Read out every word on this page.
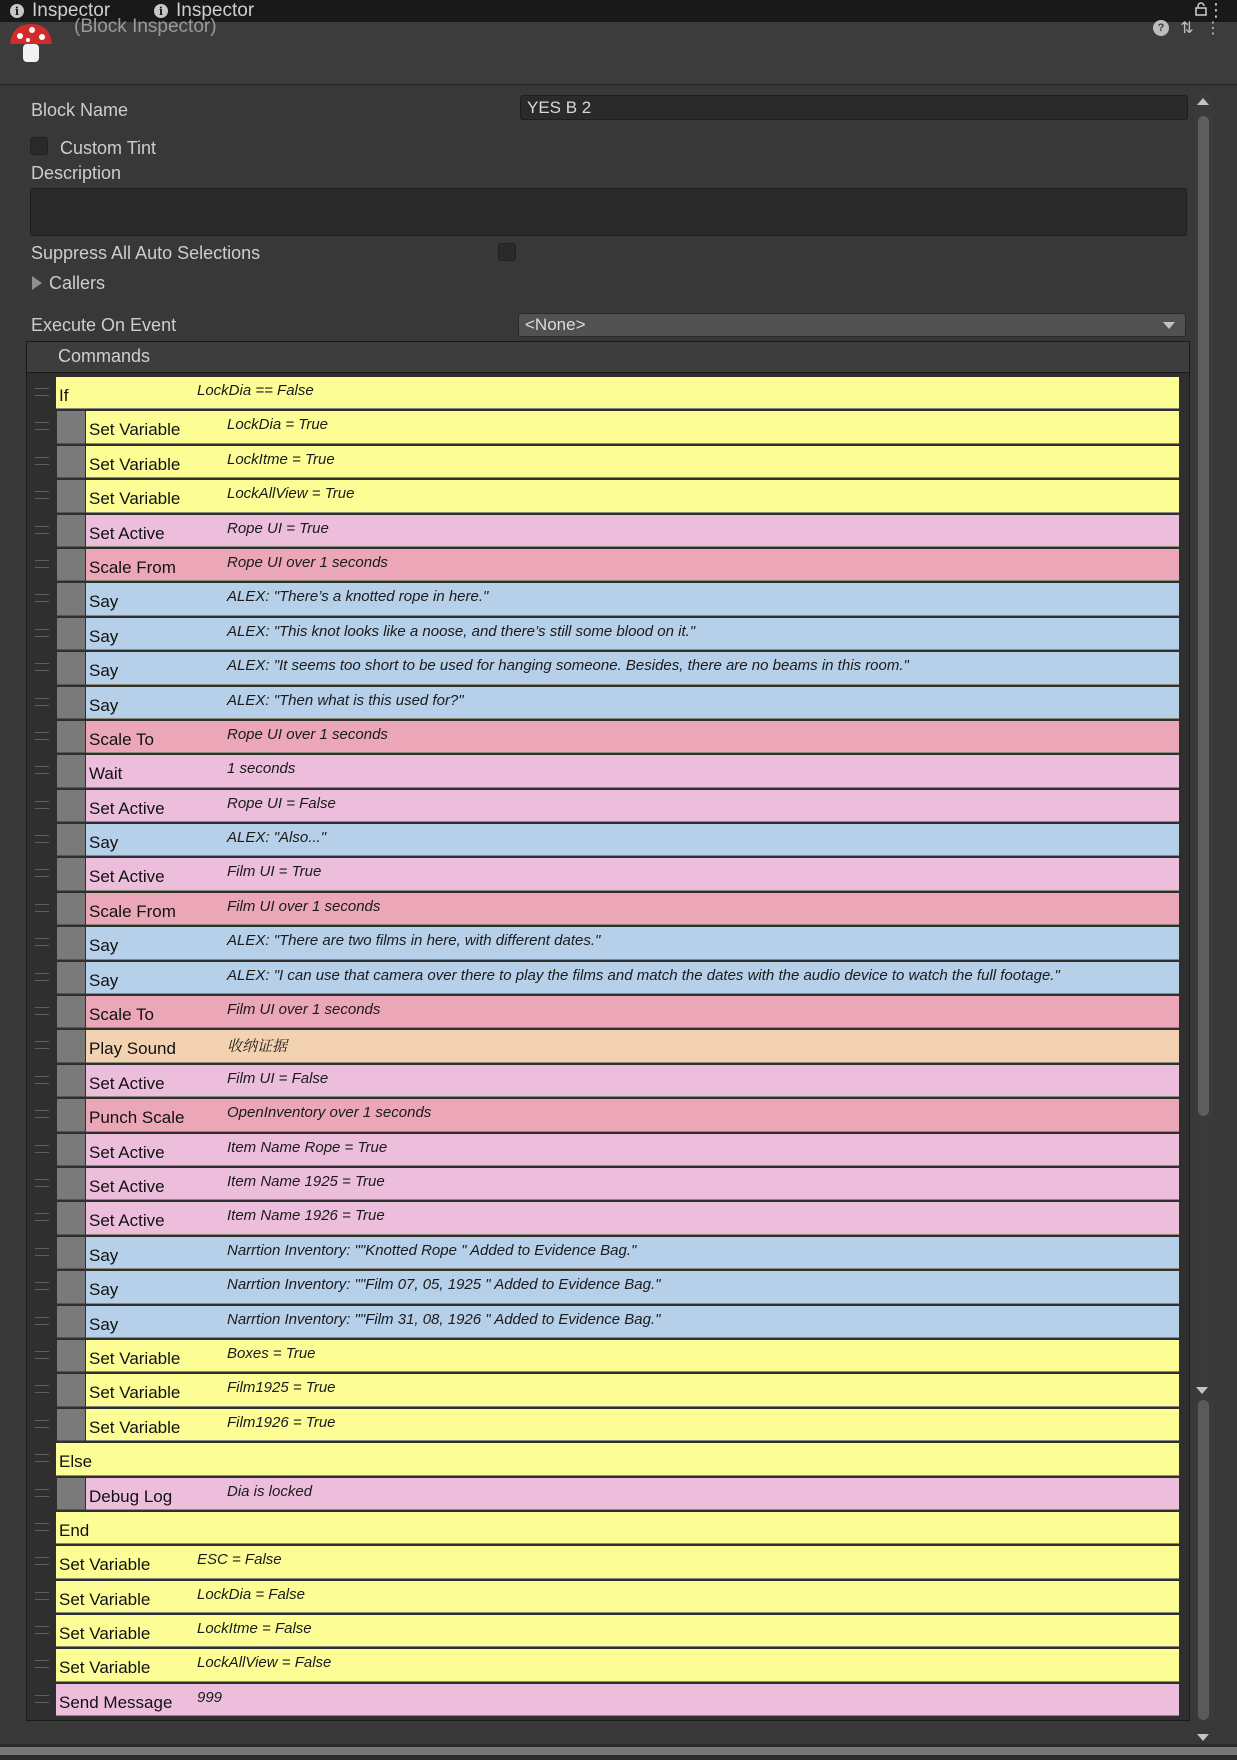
i Inspector	i Inspector	⋮
(Block Inspector)	? ⇅ ⋮
Block Name	YES B 2
Custom Tint
Description
Suppress All Auto Selections
Callers
Execute On Event	<None>
Commands
If	LockDia == False
Set Variable	LockDia = True
Set Variable	LockItme = True
Set Variable	LockAllView = True
Set Active	Rope UI = True
Scale From	Rope UI over 1 seconds
Say	ALEX: "There’s a knotted rope in here."
Say	ALEX: "This knot looks like a noose, and there’s still some blood on it."
Say	ALEX: "It seems too short to be used for hanging someone. Besides, there are no beams in this room."
Say	ALEX: "Then what is this used for?"
Scale To	Rope UI over 1 seconds
Wait	1 seconds
Set Active	Rope UI = False
Say	ALEX: "Also..."
Set Active	Film UI = True
Scale From	Film UI over 1 seconds
Say	ALEX: "There are two films in here, with different dates."
Say	ALEX: "I can use that camera over there to play the films and match the dates with the audio device to watch the full footage."
Scale To	Film UI over 1 seconds
Play Sound	收纳证据
Set Active	Film UI = False
Punch Scale	OpenInventory over 1 seconds
Set Active	Item Name Rope = True
Set Active	Item Name 1925 = True
Set Active	Item Name 1926 = True
Say	Narrtion Inventory: ""Knotted Rope " Added to Evidence Bag."
Say	Narrtion Inventory: ""Film 07, 05, 1925 " Added to Evidence Bag."
Say	Narrtion Inventory: ""Film 31, 08, 1926 " Added to Evidence Bag."
Set Variable	Boxes = True
Set Variable	Film1925 = True
Set Variable	Film1926 = True
Else
Debug Log	Dia is locked
End
Set Variable	ESC = False
Set Variable	LockDia = False
Set Variable	LockItme = False
Set Variable	LockAllView = False
Send Message 999
